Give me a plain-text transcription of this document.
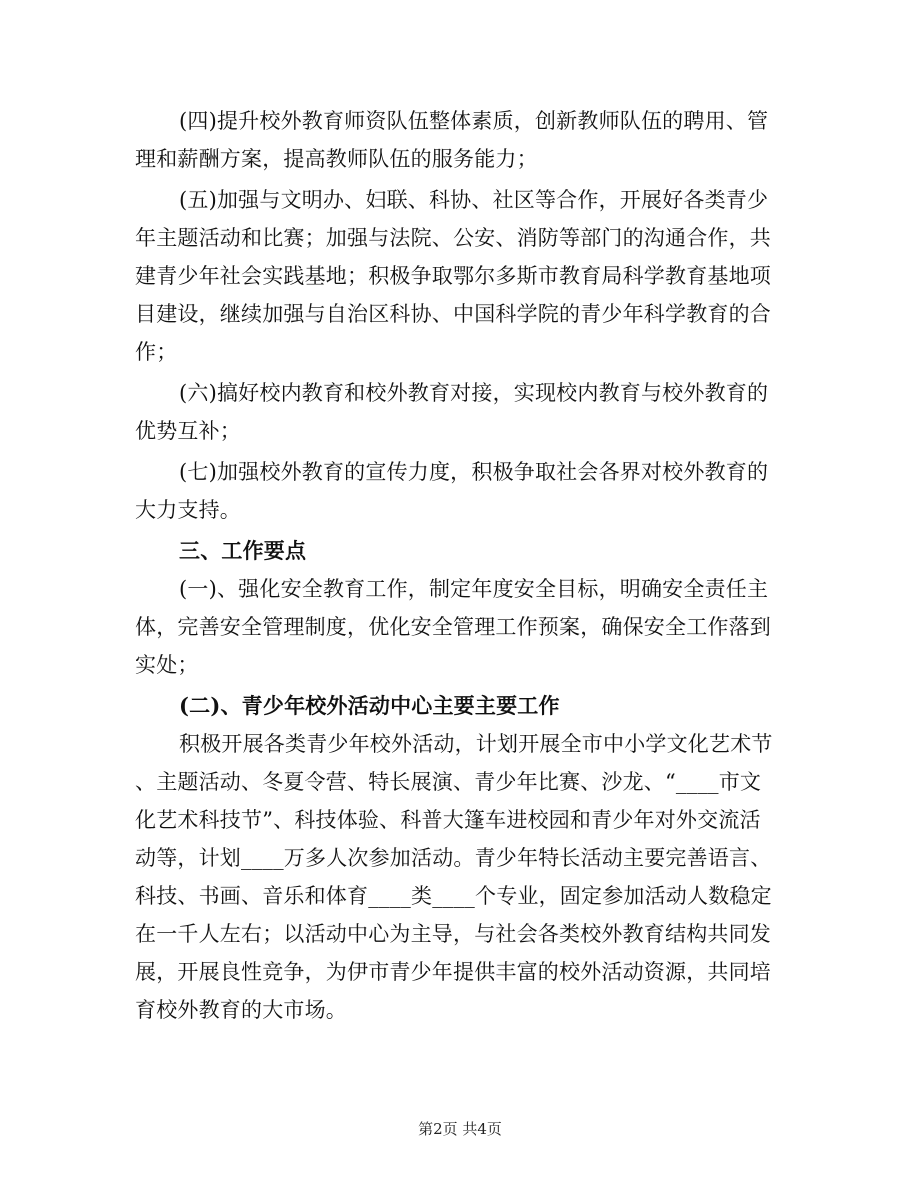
(四)提升校外教育师资队伍整体素质，创新教师队伍的聘用、管
理和薪酬方案，提高教师队伍的服务能力；
(五)加强与文明办、妇联、科协、社区等合作，开展好各类青少
年主题活动和比赛；加强与法院、公安、消防等部门的沟通合作，共
建青少年社会实践基地；积极争取鄂尔多斯市教育局科学教育基地项
目建设，继续加强与自治区科协、中国科学院的青少年科学教育的合
作；
(六)搞好校内教育和校外教育对接，实现校内教育与校外教育的
优势互补；
(七)加强校外教育的宣传力度，积极争取社会各界对校外教育的
大力支持。
三、工作要点
(一)、强化安全教育工作，制定年度安全目标，明确安全责任主
体，完善安全管理制度，优化安全管理工作预案，确保安全工作落到
实处；
(二)、青少年校外活动中心主要主要工作
积极开展各类青少年校外活动，计划开展全市中小学文化艺术节
、主题活动、冬夏令营、特长展演、青少年比赛、沙龙、“____市文
化艺术科技节”、科技体验、科普大篷车进校园和青少年对外交流活
动等，计划____万多人次参加活动。青少年特长活动主要完善语言、
科技、书画、音乐和体育____类____个专业，固定参加活动人数稳定
在一千人左右；以活动中心为主导，与社会各类校外教育结构共同发
展，开展良性竞争，为伊市青少年提供丰富的校外活动资源，共同培
育校外教育的大市场。
第2页 共4页
